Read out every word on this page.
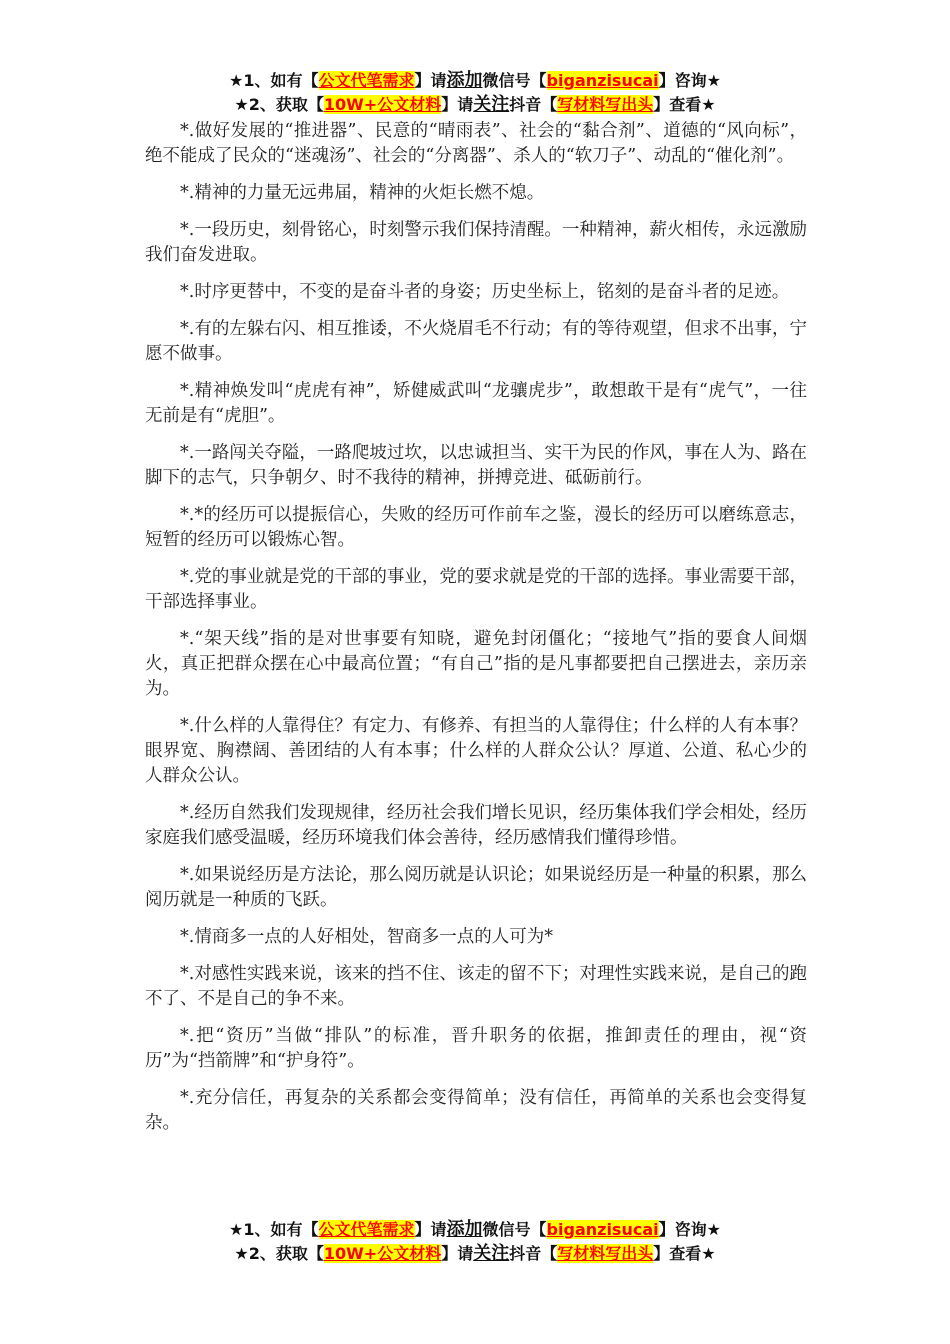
★1、如有【公文代笔需求】请添加微信号【biganzisucai】咨询★
★2、获取【10W+公文材料】请关注抖音【写材料写出头】查看★

*.做好发展的“推进器”、民意的“晴雨表”、社会的“黏合剂”、道德的“风向标”，绝不能成了民众的“迷魂汤”、社会的“分离器”、杀人的“软刀子”、动乱的“催化剂”。

*.精神的力量无远弗届，精神的火炬长燃不熄。

*.一段历史，刻骨铭心，时刻警示我们保持清醒。一种精神，薪火相传，永远激励我们奋发进取。

*.时序更替中，不变的是奋斗者的身姿；历史坐标上，铭刻的是奋斗者的足迹。

*.有的左躲右闪、相互推诿，不火烧眉毛不行动；有的等待观望，但求不出事，宁愿不做事。

*.精神焕发叫“虎虎有神”，矫健威武叫“龙骧虎步”，敢想敢干是有“虎气”，一往无前是有“虎胆”。

*.一路闯关夺隘，一路爬坡过坎，以忠诚担当、实干为民的作风，事在人为、路在脚下的志气，只争朝夕、时不我待的精神，拼搏竞进、砥砺前行。

*.*的经历可以提振信心，失败的经历可作前车之鉴，漫长的经历可以磨练意志，短暂的经历可以锻炼心智。

*.党的事业就是党的干部的事业，党的要求就是党的干部的选择。事业需要干部，干部选择事业。

*.“架天线”指的是对世事要有知晓，避免封闭僵化；“接地气”指的要食人间烟火，真正把群众摆在心中最高位置；“有自己”指的是凡事都要把自己摆进去，亲历亲为。

*.什么样的人靠得住？有定力、有修养、有担当的人靠得住；什么样的人有本事？眼界宽、胸襟阔、善团结的人有本事；什么样的人群众公认？厚道、公道、私心少的人群众公认。

*.经历自然我们发现规律，经历社会我们增长见识，经历集体我们学会相处，经历家庭我们感受温暖，经历环境我们体会善待，经历感情我们懂得珍惜。

*.如果说经历是方法论，那么阅历就是认识论；如果说经历是一种量的积累，那么阅历就是一种质的飞跃。

*.情商多一点的人好相处，智商多一点的人可为*

*.对感性实践来说，该来的挡不住、该走的留不下；对理性实践来说，是自己的跑不了、不是自己的争不来。

*.把“资历”当做“排队”的标准，晋升职务的依据，推卸责任的理由，视“资历”为“挡箭牌”和“护身符”。

*.充分信任，再复杂的关系都会变得简单；没有信任，再简单的关系也会变得复杂。

★1、如有【公文代笔需求】请添加微信号【biganzisucai】咨询★
★2、获取【10W+公文材料】请关注抖音【写材料写出头】查看★
